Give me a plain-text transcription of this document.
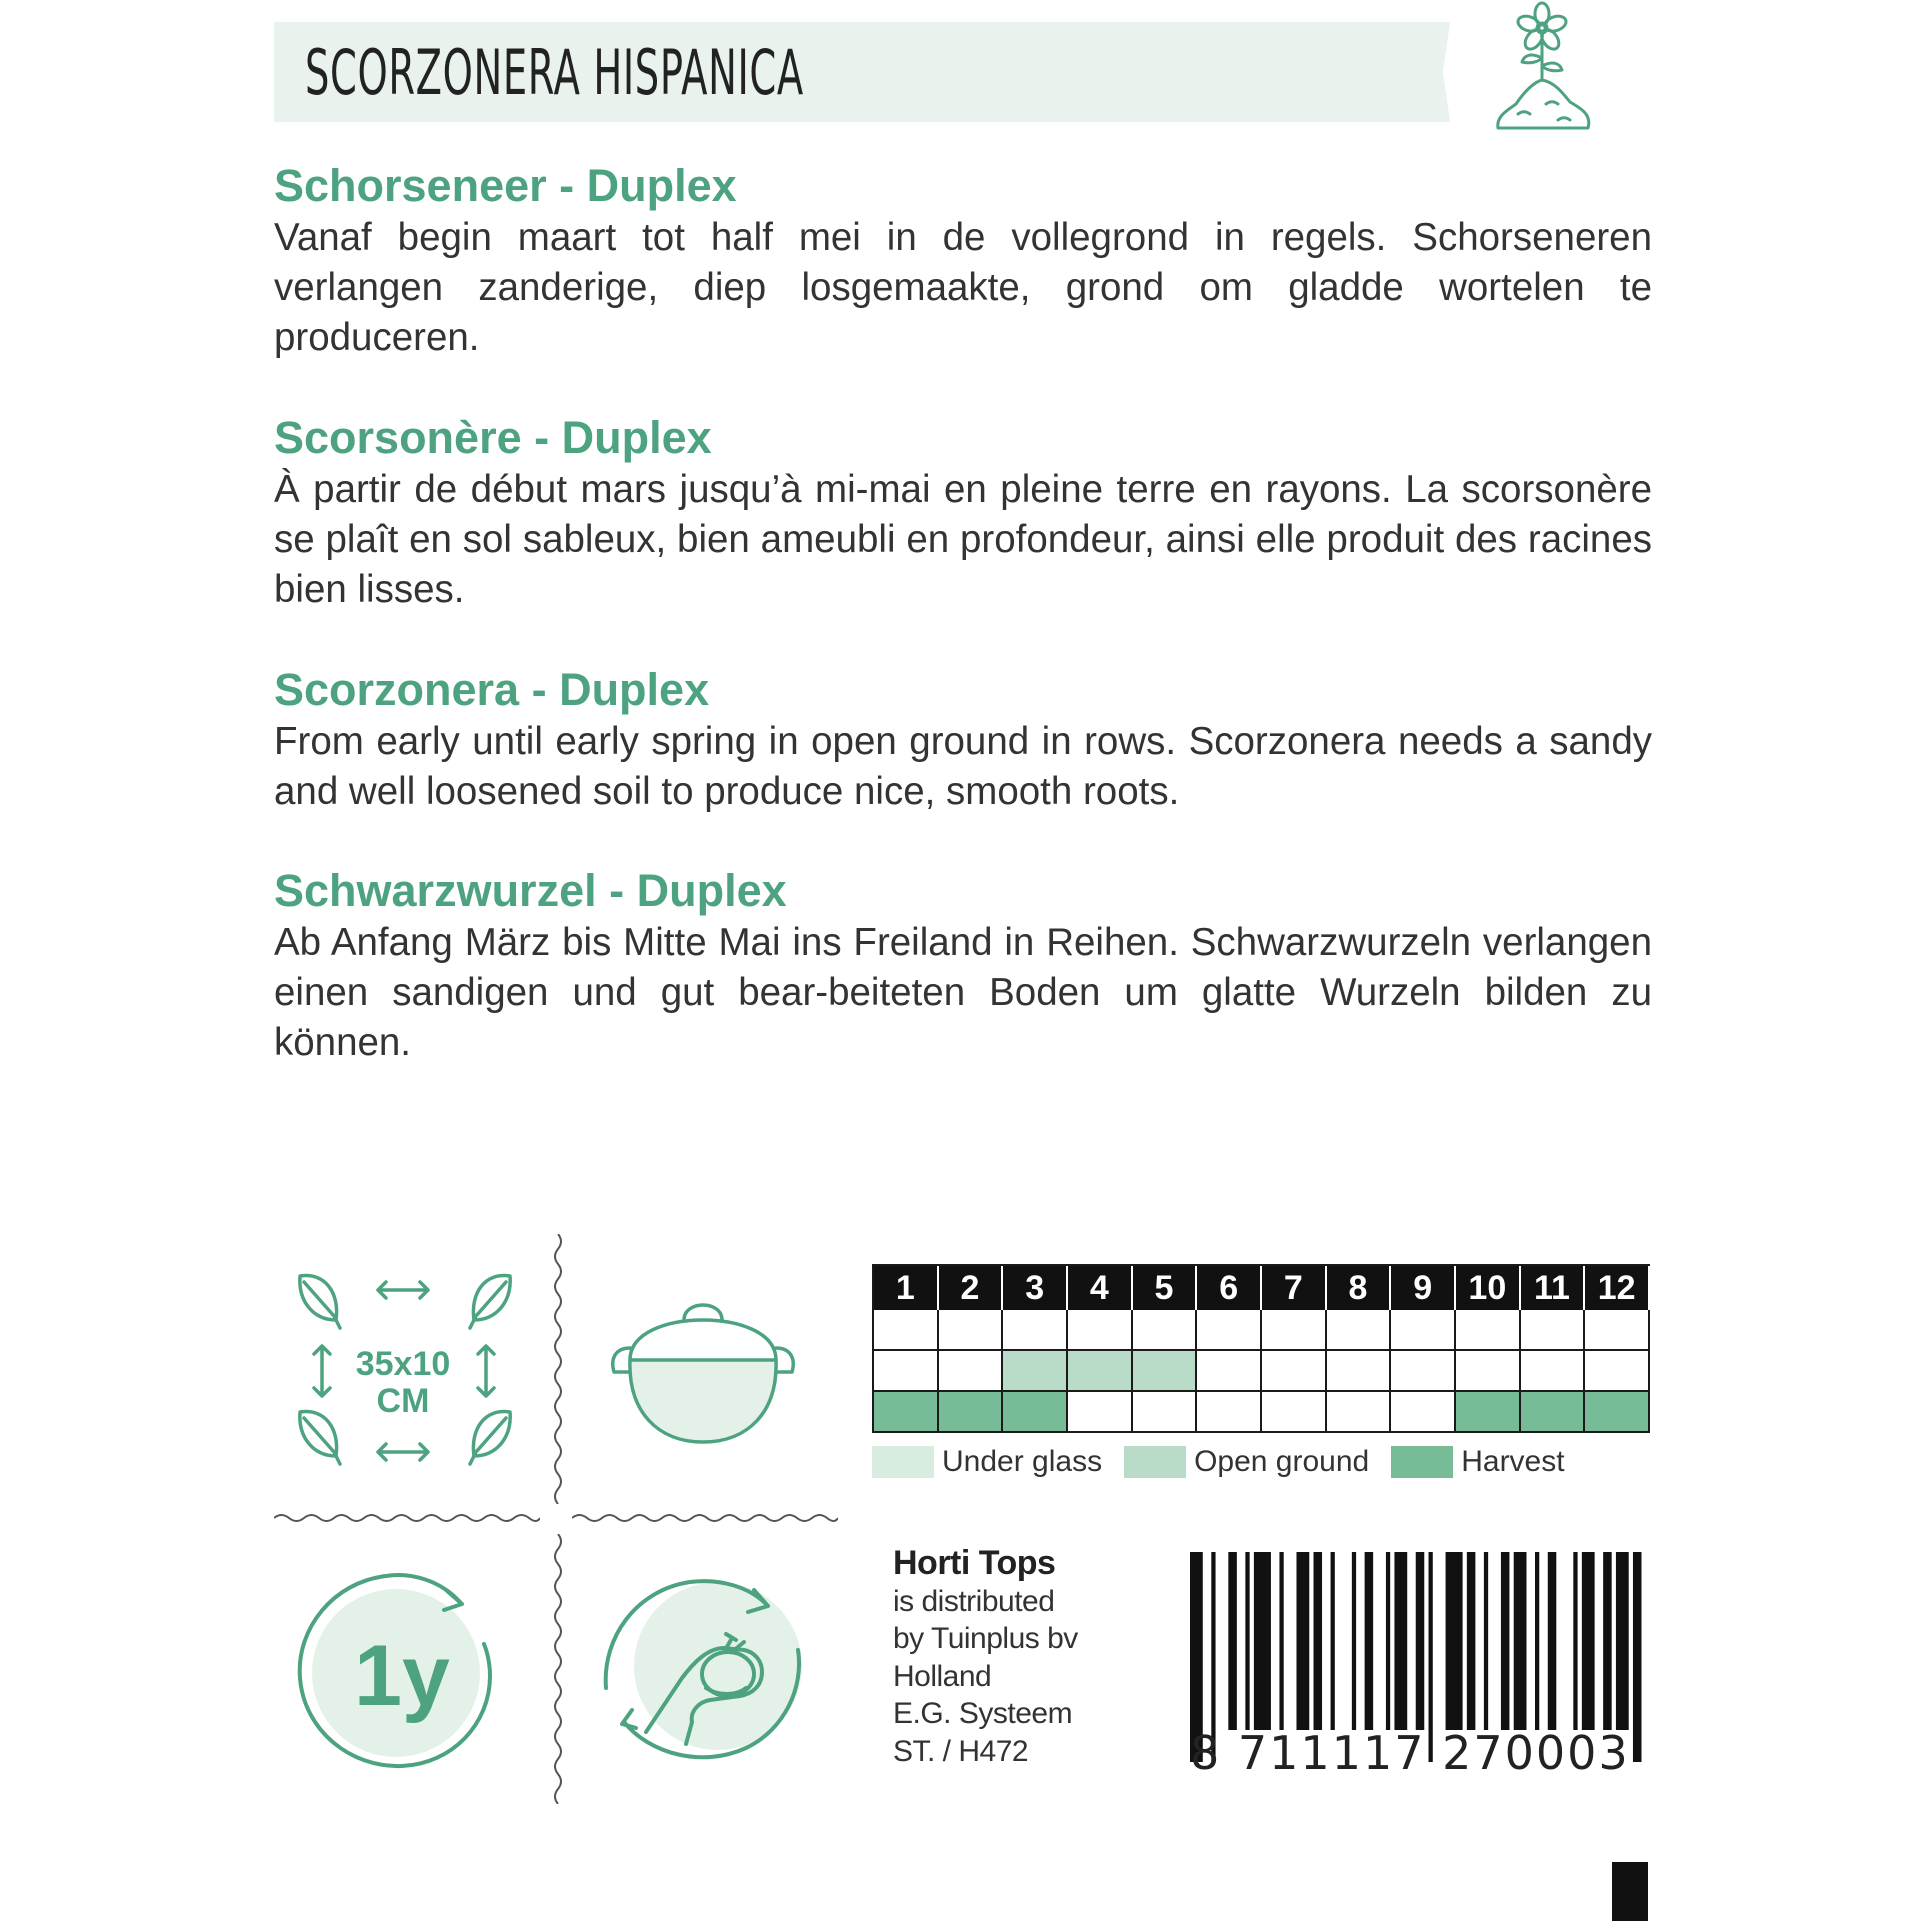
SCORZONERA HISPANICA
Schorseneer - Duplex

Vanaf begin maart tot half mei in de vollegrond in regels. Schorseneren verlangen zanderige, diep losgemaakte, grond om gladde wortelen te produceren.

Scorsonère - Duplex

À partir de début mars jusqu’à mi-mai en pleine terre en rayons. La scorsonère se plaît en sol sableux, bien ameubli en profondeur, ainsi elle produit des racines bien lisses.

Scorzonera - Duplex

From early until early spring in open ground in rows. Scorzonera needs a sandy and well loosened soil to produce nice, smooth roots.

Schwarzwurzel - Duplex

Ab Anfang März bis Mitte Mai ins Freiland in Reihen. Schwarzwurzeln verlangen einen sandigen und gut bear-beiteten Boden um glatte Wurzeln bilden zu können.

35x10
CM
1y
1	2	3	4	5	6	7	8	9	10 11 12
Under glass	Open ground	Harvest
Horti Tops
is distributed
by Tuinplus bv
Holland
E.G. Systeem
ST. / H472	8 711117 270003
